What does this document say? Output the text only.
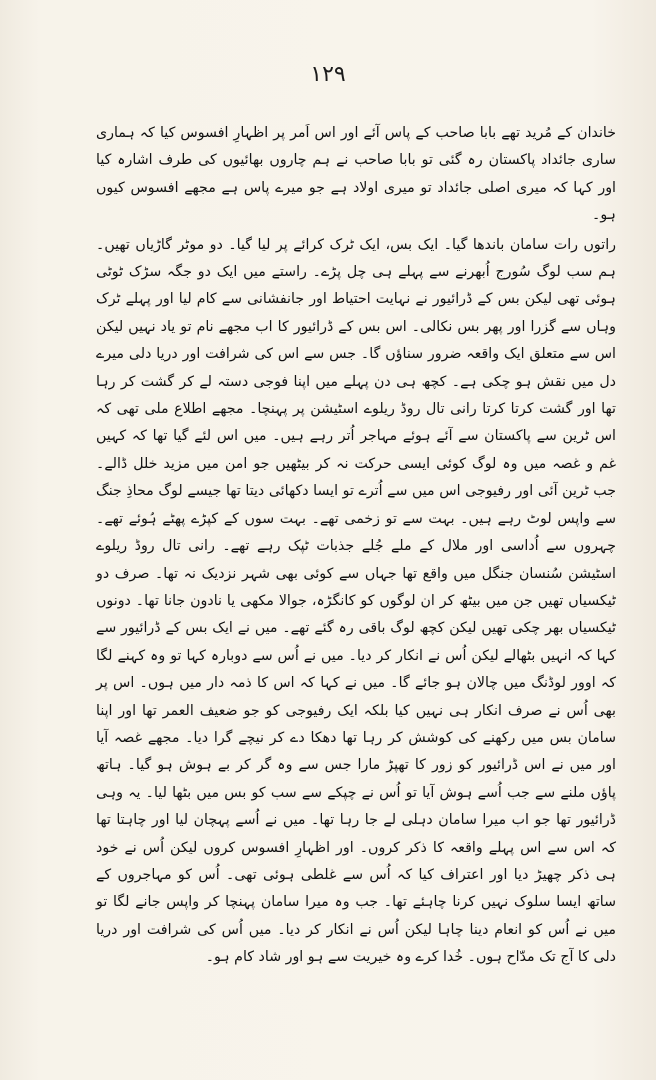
۱۲۹

خاندان کے مُرید تھے بابا صاحب کے پاس آئے اور اس اَمر پر اظہارِ افسوس کیا کہ ہماری ساری جائداد پاکستان رہ گئی تو بابا صاحب نے ہم چاروں بھائیوں کی طرف اشارہ کیا اور کہا کہ میری اصلی جائداد تو میری اولاد ہے جو میرے پاس ہے مجھے افسوس کیوں ہو۔

راتوں رات سامان باندھا گیا۔ ایک بس، ایک ٹرک کرائے پر لیا گیا۔ دو موٹر گاڑیاں تھیں۔ ہم سب لوگ سُورج اُبھرنے سے پہلے ہی چل پڑے۔ راستے میں ایک دو جگہ سڑک ٹوٹی ہوئی تھی لیکن بس کے ڈرائیور نے نہایت احتیاط اور جانفشانی سے کام لیا اور پہلے ٹرک وہاں سے گزرا اور پھر بس نکالی۔ اس بس کے ڈرائیور کا اب مجھے نام تو یاد نہیں لیکن اس سے متعلق ایک واقعہ ضرور سناؤں گا۔ جس سے اس کی شرافت اور دریا دلی میرے دل میں نقش ہو چکی ہے۔ کچھ ہی دن پہلے میں اپنا فوجی دستہ لے کر گشت کر رہا تھا اور گشت کرتا کرتا رانی تال روڈ ریلوے اسٹیشن پر پہنچا۔ مجھے اطلاع ملی تھی کہ اس ٹرین سے پاکستان سے آئے ہوئے مہاجر اُتر رہے ہیں۔ میں اس لئے گیا تھا کہ کہیں غم و غصہ میں وہ لوگ کوئی ایسی حرکت نہ کر بیٹھیں جو امن میں مزید خلل ڈالے۔ جب ٹرین آئی اور رفیوجی اس میں سے اُترے تو ایسا دکھائی دیتا تھا جیسے لوگ محاذِ جنگ سے واپس لوٹ رہے ہیں۔ بہت سے تو زخمی تھے۔ بہت سوں کے کپڑے پھٹے ہُوئے تھے۔ چہروں سے اُداسی اور ملال کے ملے جُلے جذبات ٹپک رہے تھے۔ رانی تال روڈ ریلوے اسٹیشن سُنسان جنگل میں واقع تھا جہاں سے کوئی بھی شہر نزدیک نہ تھا۔ صرف دو ٹیکسیاں تھیں جن میں بیٹھ کر ان لوگوں کو کانگڑہ، جوالا مکھی یا نادون جانا تھا۔ دونوں ٹیکسیاں بھر چکی تھیں لیکن کچھ لوگ باقی رہ گئے تھے۔ میں نے ایک بس کے ڈرائیور سے کہا کہ انہیں بٹھالے لیکن اُس نے انکار کر دیا۔ میں نے اُس سے دوبارہ کہا تو وہ کہنے لگا کہ اوور لوڈنگ میں چالان ہو جائے گا۔ میں نے کہا کہ اس کا ذمہ دار میں ہوں۔ اس پر بھی اُس نے صرف انکار ہی نہیں کیا بلکہ ایک رفیوجی کو جو ضعیف العمر تھا اور اپنا سامان بس میں رکھنے کی کوشش کر رہا تھا دھکا دے کر نیچے گرا دیا۔ مجھے غصہ آیا اور میں نے اس ڈرائیور کو زور کا تھپڑ مارا جس سے وہ گر کر بے ہوش ہو گیا۔ ہاتھ پاؤں ملنے سے جب اُسے ہوش آیا تو اُس نے چپکے سے سب کو بس میں بٹھا لیا۔ یہ وہی ڈرائیور تھا جو اب میرا سامان دہلی لے جا رہا تھا۔ میں نے اُسے پہچان لیا اور چاہتا تھا کہ اس سے اس پہلے واقعہ کا ذکر کروں۔ اور اظہارِ افسوس کروں لیکن اُس نے خود ہی ذکر چھیڑ دیا اور اعتراف کیا کہ اُس سے غلطی ہوئی تھی۔ اُس کو مہاجروں کے ساتھ ایسا سلوک نہیں کرنا چاہئے تھا۔ جب وہ میرا سامان پہنچا کر واپس جانے لگا تو میں نے اُس کو انعام دینا چاہا لیکن اُس نے انکار کر دیا۔ میں اُس کی شرافت اور دریا دلی کا آج تک مدّاح ہوں۔ خُدا کرے وہ خیریت سے ہو اور شاد کام ہو۔
